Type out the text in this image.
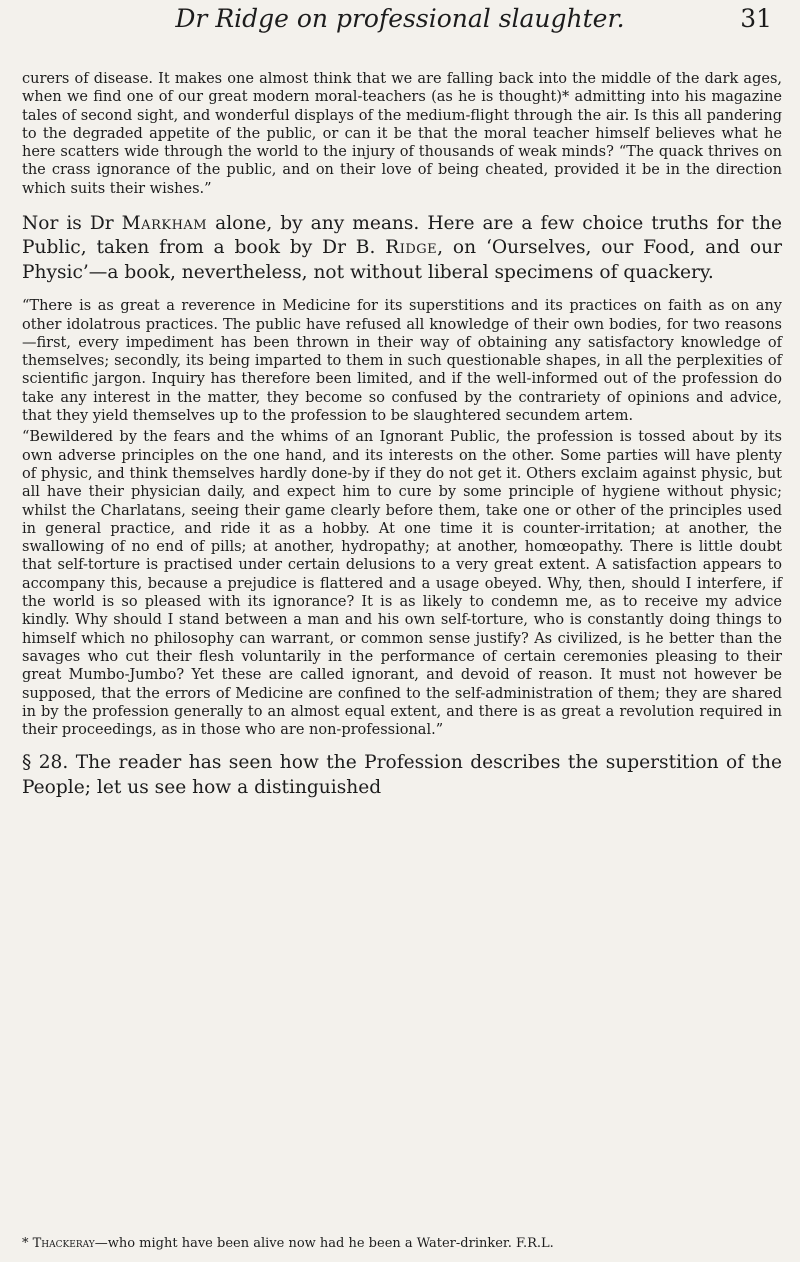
Dr Ridge on professional slaughter.	31

curers of disease. It makes one almost think that we are falling back into the middle of the dark ages, when we find one of our great modern moral-teachers (as he is thought)* admitting into his magazine tales of second sight, and wonderful displays of the medium-flight through the air. Is this all pandering to the degraded appetite of the public, or can it be that the moral teacher himself believes what he here scatters wide through the world to the injury of thousands of weak minds? “The quack thrives on the crass ignorance of the public, and on their love of being cheated, provided it be in the direction which suits their wishes.”

Nor is Dr Markham alone, by any means. Here are a few choice truths for the Public, taken from a book by Dr B. Ridge, on ‘Ourselves, our Food, and our Physic’—a book, nevertheless, not without liberal specimens of quackery.

“There is as great a reverence in Medicine for its superstitions and its practices on faith as on any other idolatrous practices. The public have refused all knowledge of their own bodies, for two reasons—first, every impediment has been thrown in their way of obtaining any satisfactory knowledge of themselves; secondly, its being imparted to them in such questionable shapes, in all the perplexities of scientific jargon. Inquiry has therefore been limited, and if the well-informed out of the profession do take any interest in the matter, they become so confused by the contrariety of opinions and advice, that they yield themselves up to the profession to be slaughtered secundem artem.

“Bewildered by the fears and the whims of an Ignorant Public, the profession is tossed about by its own adverse principles on the one hand, and its interests on the other. Some parties will have plenty of physic, and think themselves hardly done-by if they do not get it. Others exclaim against physic, but all have their physician daily, and expect him to cure by some principle of hygiene without physic; whilst the Charlatans, seeing their game clearly before them, take one or other of the principles used in general practice, and ride it as a hobby. At one time it is counter-irritation; at another, the swallowing of no end of pills; at another, hydropathy; at another, homœopathy. There is little doubt that self-torture is practised under certain delusions to a very great extent. A satisfaction appears to accompany this, because a prejudice is flattered and a usage obeyed. Why, then, should I interfere, if the world is so pleased with its ignorance? It is as likely to condemn me, as to receive my advice kindly. Why should I stand between a man and his own self-torture, who is constantly doing things to himself which no philosophy can warrant, or common sense justify? As civilized, is he better than the savages who cut their flesh voluntarily in the performance of certain ceremonies pleasing to their great Mumbo-Jumbo? Yet these are called ignorant, and devoid of reason. It must not however be supposed, that the errors of Medicine are confined to the self-administration of them; they are shared in by the profession generally to an almost equal extent, and there is as great a revolution required in their proceedings, as in those who are non-professional.”

§ 28. The reader has seen how the Profession describes the superstition of the People; let us see how a distinguished

* Thackeray—who might have been alive now had he been a Water-drinker. F.R.L.
